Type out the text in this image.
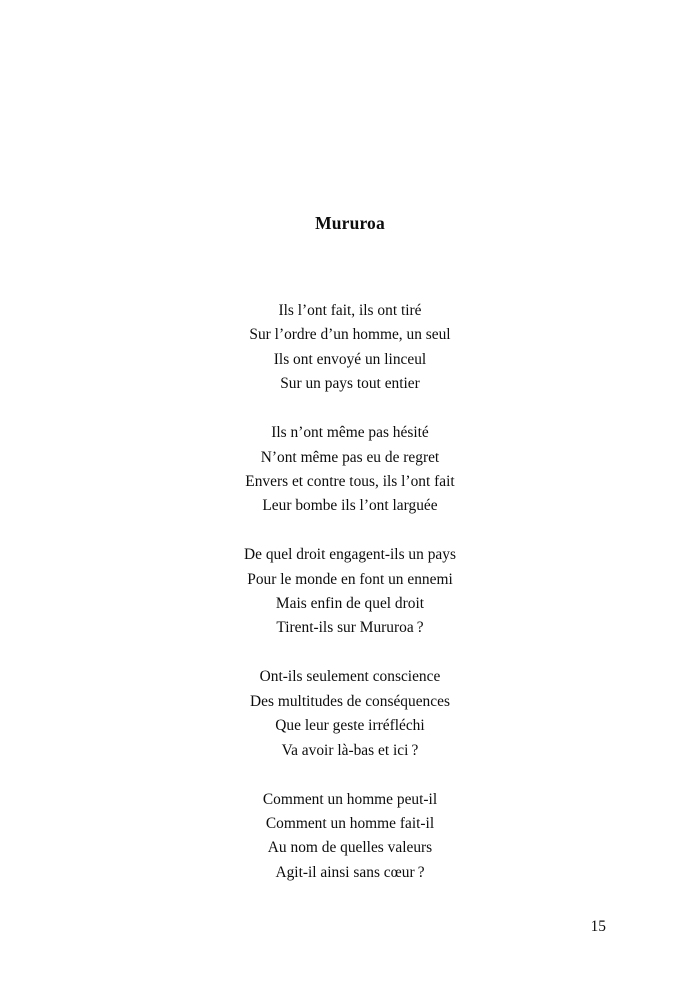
Mururoa
Ils l’ont fait, ils ont tiré
Sur l’ordre d’un homme, un seul
Ils ont envoyé un linceul
Sur un pays tout entier
Ils n’ont même pas hésité
N’ont même pas eu de regret
Envers et contre tous, ils l’ont fait
Leur bombe ils l’ont larguée
De quel droit engagent-ils un pays
Pour le monde en font un ennemi
Mais enfin de quel droit
Tirent-ils sur Mururoa ?
Ont-ils seulement conscience
Des multitudes de conséquences
Que leur geste irréfléchi
Va avoir là-bas et ici ?
Comment un homme peut-il
Comment un homme fait-il
Au nom de quelles valeurs
Agit-il ainsi sans cœur ?
15
